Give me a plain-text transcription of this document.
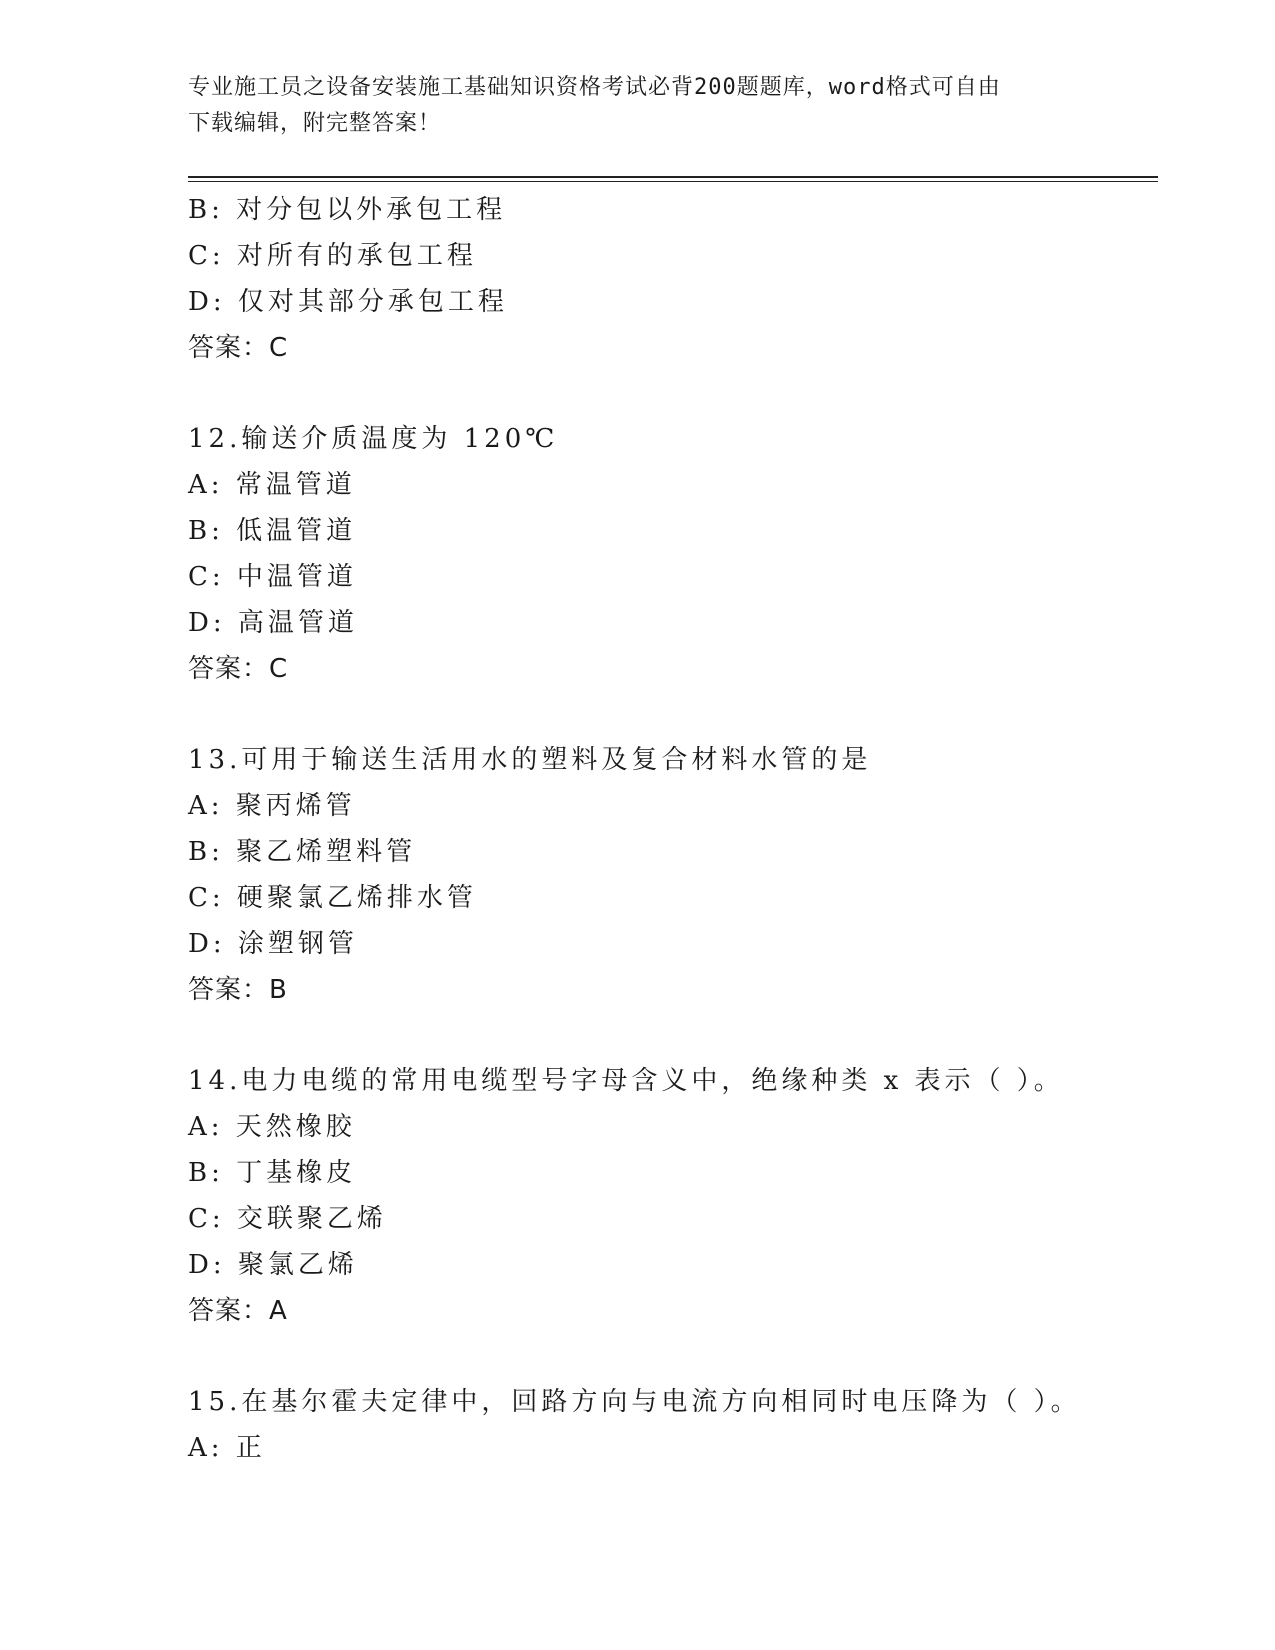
专业施工员之设备安装施工基础知识资格考试必背200题题库，word格式可自由
下载编辑，附完整答案！
B: 对分包以外承包工程
C: 对所有的承包工程
D: 仅对其部分承包工程
答案：C
12.输送介质温度为 120℃
A: 常温管道
B: 低温管道
C: 中温管道
D: 高温管道
答案：C
13.可用于输送生活用水的塑料及复合材料水管的是
A: 聚丙烯管
B: 聚乙烯塑料管
C: 硬聚氯乙烯排水管
D: 涂塑钢管
答案：B
14.电力电缆的常用电缆型号字母含义中，绝缘种类 x 表示（ ）。
A: 天然橡胶
B: 丁基橡皮
C: 交联聚乙烯
D: 聚氯乙烯
答案：A
15.在基尔霍夫定律中，回路方向与电流方向相同时电压降为（ ）。
A: 正
